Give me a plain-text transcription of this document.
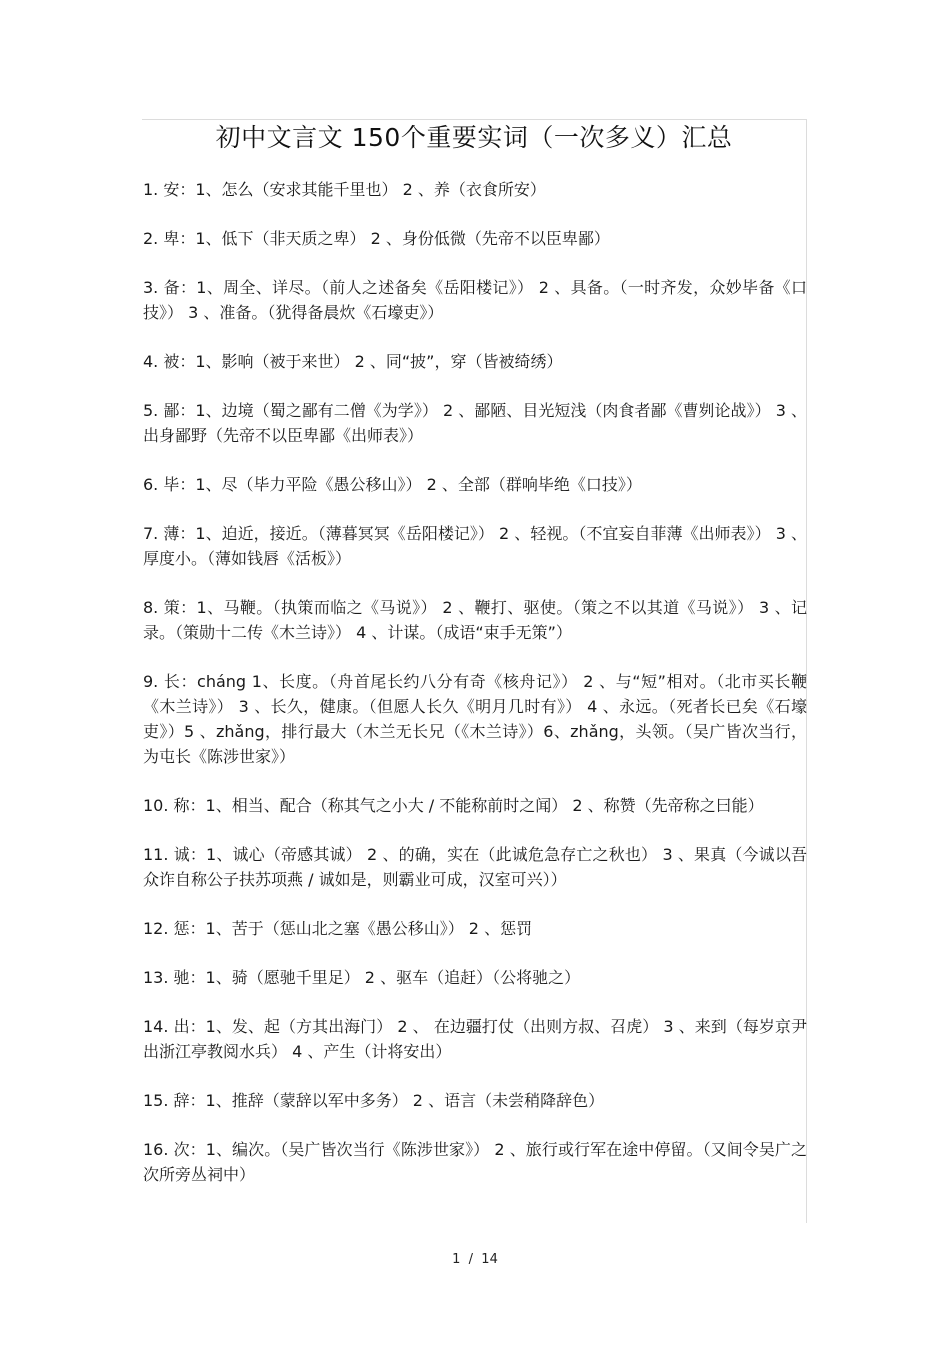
初中文言文 150个重要实词（一次多义）汇总
1. 安：1、怎么（安求其能千里也） 2 、养（衣食所安）
2. 卑：1、低下（非天质之卑） 2 、身份低微（先帝不以臣卑鄙）
3. 备：1、周全、详尽。（前人之述备矣《岳阳楼记》） 2 、具备。（一时齐发，众妙毕备《口技》） 3 、准备。（犹得备晨炊《石壕吏》）
4. 被：1、影响（被于来世） 2 、同“披”，穿（皆被绮绣）
5. 鄙：1、边境（蜀之鄙有二僧《为学》） 2 、鄙陋、目光短浅（肉食者鄙《曹刿论战》） 3 、出身鄙野（先帝不以臣卑鄙《出师表》）
6. 毕：1、尽（毕力平险《愚公移山》） 2 、全部（群响毕绝《口技》）
7. 薄：1、迫近，接近。（薄暮冥冥《岳阳楼记》） 2 、轻视。（不宜妄自菲薄《出师表》） 3 、厚度小。（薄如钱唇《活板》）
8. 策：1、马鞭。（执策而临之《马说》） 2 、鞭打、驱使。（策之不以其道《马说》） 3 、记录。（策勋十二传《木兰诗》） 4 、计谋。（成语“束手无策”）
9. 长：cháng 1、长度。（舟首尾长约八分有奇《核舟记》） 2 、与“短”相对。（北市买长鞭《木兰诗》） 3 、长久，健康。（但愿人长久《明月几时有》） 4 、永远。（死者长已矣《石壕吏》）5 、zhǎng，排行最大（木兰无长兄（《木兰诗》）6、zhǎng，头领。（吴广皆次当行，为屯长《陈涉世家》）
10. 称：1、相当、配合（称其气之小大 / 不能称前时之闻） 2 、称赞（先帝称之曰能）
11. 诚：1、诚心（帝感其诚） 2 、的确，实在（此诚危急存亡之秋也） 3 、果真（今诚以吾众诈自称公子扶苏项燕 / 诚如是，则霸业可成，汉室可兴））
12. 惩：1、苦于（惩山北之塞《愚公移山》） 2 、惩罚
13. 驰：1、骑（愿驰千里足） 2 、驱车（追赶）（公将驰之）
14. 出：1、发、起（方其出海门） 2 、 在边疆打仗（出则方叔、召虎） 3 、来到（每岁京尹出浙江亭教阅水兵） 4 、产生（计将安出）
15. 辞：1、推辞（蒙辞以军中多务） 2 、语言（未尝稍降辞色）
16. 次：1、编次。（吴广皆次当行《陈涉世家》） 2 、旅行或行军在途中停留。（又间令吴广之次所旁丛祠中）
1  /  14
